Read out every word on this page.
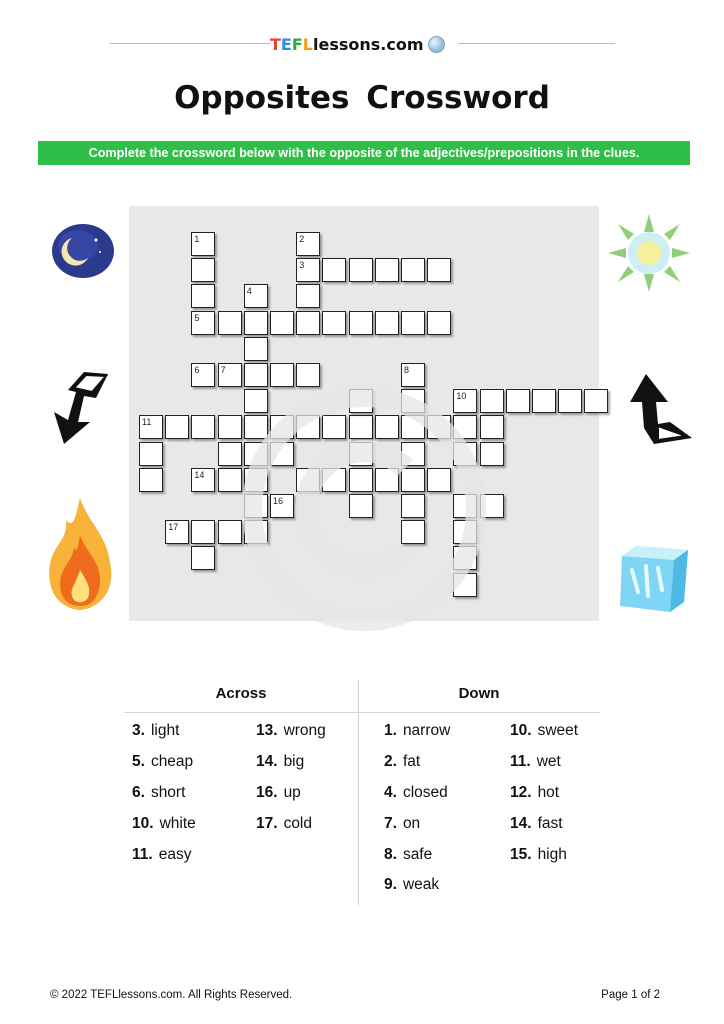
T E F L lessons.com
Opposites Crossword
Complete the crossword below with the opposite of the adjectives/prepositions in the clues.
1	2
3
4
5
6 7	8
10
11
14
16
17
Across	Down
3. light
5. cheap
6. short
10. white
11. easy
13. wrong
14. big
16. up
17. cold
1. narrow
2. fat
4. closed
7. on
8. safe
9. weak
10. sweet
11. wet
12. hot
14. fast
15. high
© 2022 TEFLlessons.com. All Rights Reserved.	Page 1 of 2
